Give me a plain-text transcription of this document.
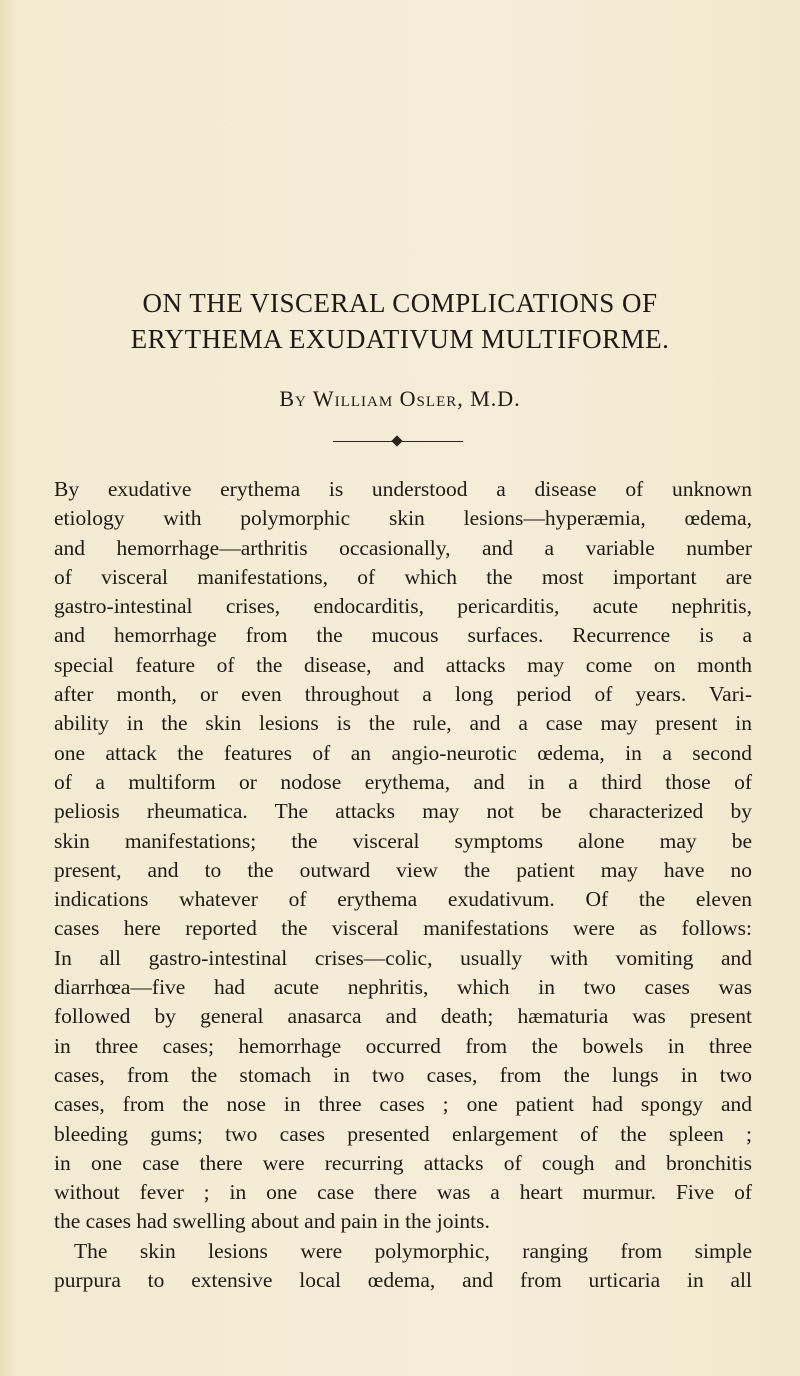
ON THE VISCERAL COMPLICATIONS OF
ERYTHEMA EXUDATIVUM MULTIFORME.
By William Osler, M.D.
By exudative erythema is understood a disease of unknown
etiology with polymorphic skin lesions—hyperæmia, œdema,
and hemorrhage—arthritis occasionally, and a variable number
of visceral manifestations, of which the most important are
gastro-intestinal crises, endocarditis, pericarditis, acute nephritis,
and hemorrhage from the mucous surfaces. Recurrence is a
special feature of the disease, and attacks may come on month
after month, or even throughout a long period of years. Vari-
ability in the skin lesions is the rule, and a case may present in
one attack the features of an angio-neurotic œdema, in a second
of a multiform or nodose erythema, and in a third those of
peliosis rheumatica. The attacks may not be characterized by
skin manifestations; the visceral symptoms alone may be
present, and to the outward view the patient may have no
indications whatever of erythema exudativum. Of the eleven
cases here reported the visceral manifestations were as follows:
In all gastro-intestinal crises—colic, usually with vomiting and
diarrhœa—five had acute nephritis, which in two cases was
followed by general anasarca and death; hæmaturia was present
in three cases; hemorrhage occurred from the bowels in three
cases, from the stomach in two cases, from the lungs in two
cases, from the nose in three cases ; one patient had spongy and
bleeding gums; two cases presented enlargement of the spleen ;
in one case there were recurring attacks of cough and bronchitis
without fever ; in one case there was a heart murmur. Five of
the cases had swelling about and pain in the joints.
The skin lesions were polymorphic, ranging from simple
purpura to extensive local œdema, and from urticaria in all
